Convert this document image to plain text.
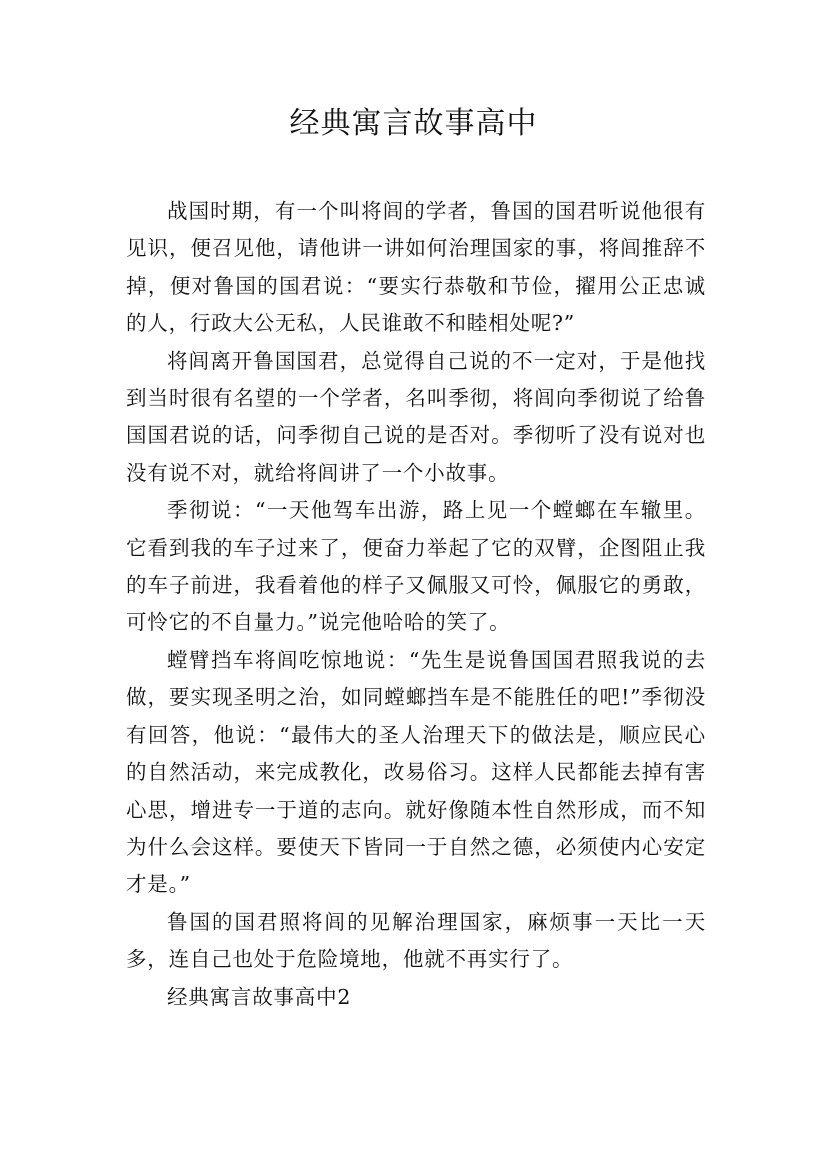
经典寓言故事高中

战国时期，有一个叫将闾的学者，鲁国的国君听说他很有见识，便召见他，请他讲一讲如何治理国家的事，将闾推辞不掉，便对鲁国的国君说：“要实行恭敬和节俭，擢用公正忠诚的人，行政大公无私，人民谁敢不和睦相处呢?”

将闾离开鲁国国君，总觉得自己说的不一定对，于是他找到当时很有名望的一个学者，名叫季彻，将闾向季彻说了给鲁国国君说的话，问季彻自己说的是否对。季彻听了没有说对也没有说不对，就给将闾讲了一个小故事。

季彻说：“一天他驾车出游，路上见一个螳螂在车辙里。它看到我的车子过来了，便奋力举起了它的双臂，企图阻止我的车子前进，我看着他的样子又佩服又可怜，佩服它的勇敢，可怜它的不自量力。”说完他哈哈的笑了。

螳臂挡车将闾吃惊地说：“先生是说鲁国国君照我说的去做，要实现圣明之治，如同螳螂挡车是不能胜任的吧!”季彻没有回答，他说：“最伟大的圣人治理天下的做法是，顺应民心的自然活动，来完成教化，改易俗习。这样人民都能去掉有害心思，增进专一于道的志向。就好像随本性自然形成，而不知为什么会这样。要使天下皆同一于自然之德，必须使内心安定才是。”

鲁国的国君照将闾的见解治理国家，麻烦事一天比一天多，连自己也处于危险境地，他就不再实行了。

经典寓言故事高中2
